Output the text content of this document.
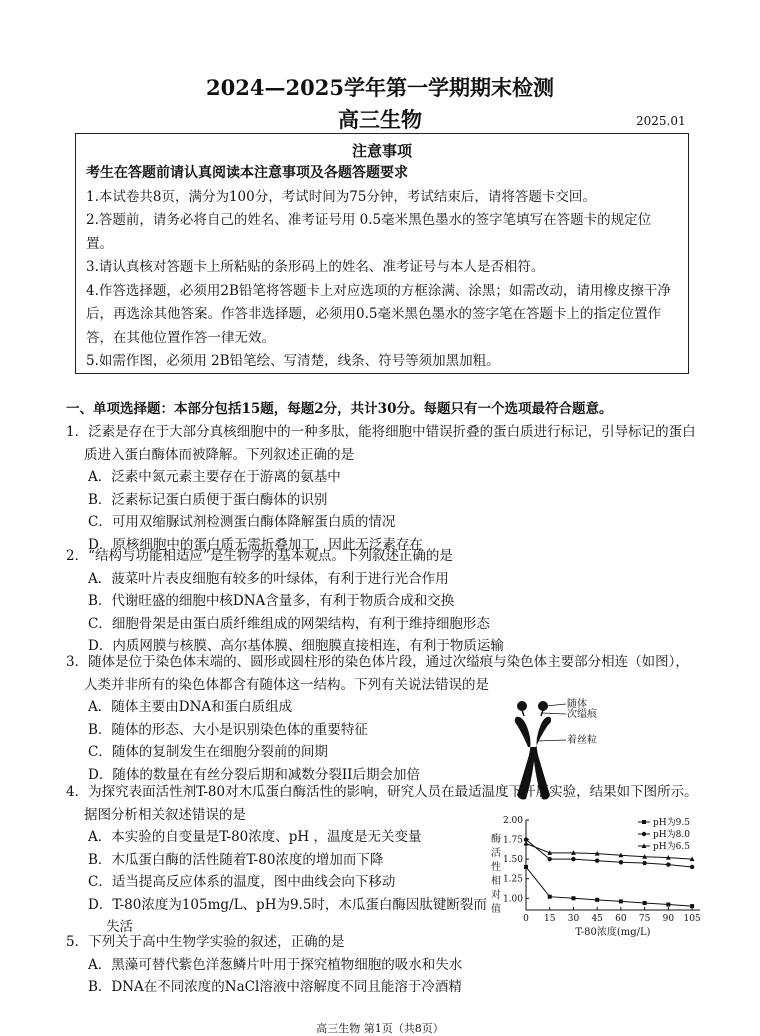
2024—2025学年第一学期期末检测
高三生物	2025.01
注意事项
考生在答题前请认真阅读本注意事项及各题答题要求
1.本试卷共8页，满分为100分，考试时间为75分钟，考试结束后，请将答题卡交回。
2.答题前，请务必将自己的姓名、准考证号用 0.5毫米黑色墨水的签字笔填写在答题卡的规定位置。
3.请认真核对答题卡上所粘贴的条形码上的姓名、准考证号与本人是否相符。
4.作答选择题，必须用2B铅笔将答题卡上对应选项的方框涂满、涂黑；如需改动，请用橡皮擦干净后，再选涂其他答案。作答非选择题，必须用0.5毫米黑色墨水的签字笔在答题卡上的指定位置作答，在其他位置作答一律无效。
5.如需作图，必须用 2B铅笔绘、写清楚，线条、符号等须加黑加粗。
一、单项选择题：本部分包括15题，每题2分，共计30分。每题只有一个选项最符合题意。
1．泛素是存在于大部分真核细胞中的一种多肽，能将细胞中错误折叠的蛋白质进行标记，引导标记的蛋白质进入蛋白酶体而被降解。下列叙述正确的是
A．泛素中氮元素主要存在于游离的氨基中
B．泛素标记蛋白质便于蛋白酶体的识别
C．可用双缩脲试剂检测蛋白酶体降解蛋白质的情况
D．原核细胞中的蛋白质无需折叠加工，因此无泛素存在
2．“结构与功能相适应”是生物学的基本观点。下列叙述正确的是
A．菠菜叶片表皮细胞有较多的叶绿体，有利于进行光合作用
B．代谢旺盛的细胞中核DNA含量多，有利于物质合成和交换
C．细胞骨架是由蛋白质纤维组成的网架结构，有利于维持细胞形态
D．内质网膜与核膜、高尔基体膜、细胞膜直接相连，有利于物质运输
3．随体是位于染色体末端的、圆形或圆柱形的染色体片段，通过次缢痕与染色体主要部分相连（如图），人类并非所有的染色体都含有随体这一结构。下列有关说法错误的是
A．随体主要由DNA和蛋白质组成
B．随体的形态、大小是识别染色体的重要特征
C．随体的复制发生在细胞分裂前的间期
D．随体的数量在有丝分裂后期和减数分裂II后期会加倍
随体
次缢痕
着丝粒
4．为探究表面活性剂T-80对木瓜蛋白酶活性的影响，研究人员在最适温度下开展实验，结果如下图所示。据图分析相关叙述错误的是
A．本实验的自变量是T-80浓度、pH ，温度是无关变量
B．木瓜蛋白酶的活性随着T-80浓度的增加而下降
C．适当提高反应体系的温度，图中曲线会向下移动
D．T-80浓度为105mg/L、pH为9.5时，木瓜蛋白酶因肽键断裂而失活
1.00
1.25
1.50
1.75
2.00
0 15 30 45 60 75 90 105
T-80浓度(mg/L)
酶
活
性
相
对
值
pH为9.5
pH为8.0
pH为6.5
5．下列关于高中生物学实验的叙述，正确的是
A．黑藻可替代紫色洋葱鳞片叶用于探究植物细胞的吸水和失水
B．DNA在不同浓度的NaCl溶液中溶解度不同且能溶于冷酒精
高三生物 第1页（共8页）
